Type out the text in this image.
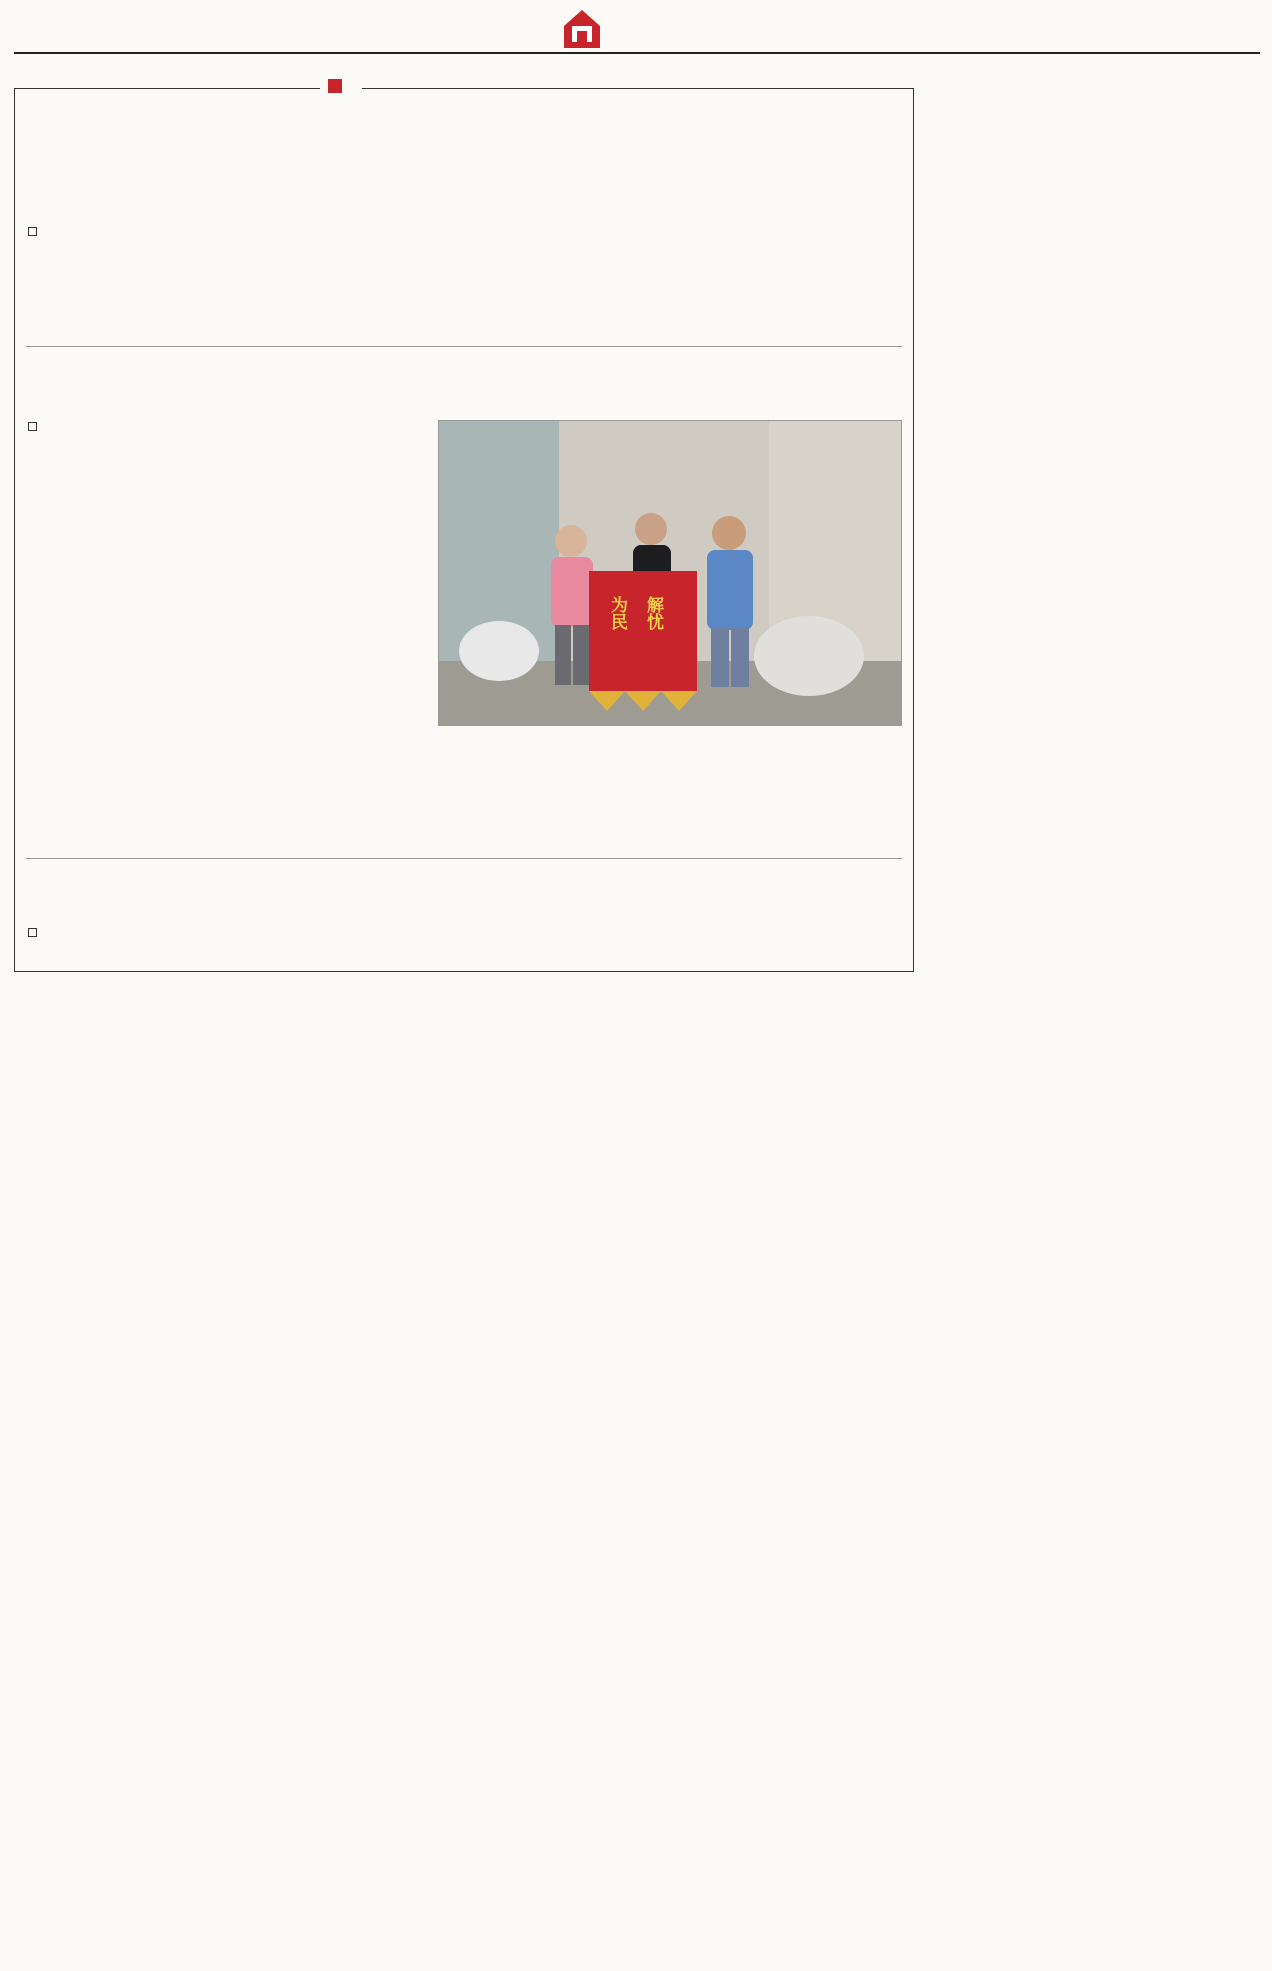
为民 解忧
